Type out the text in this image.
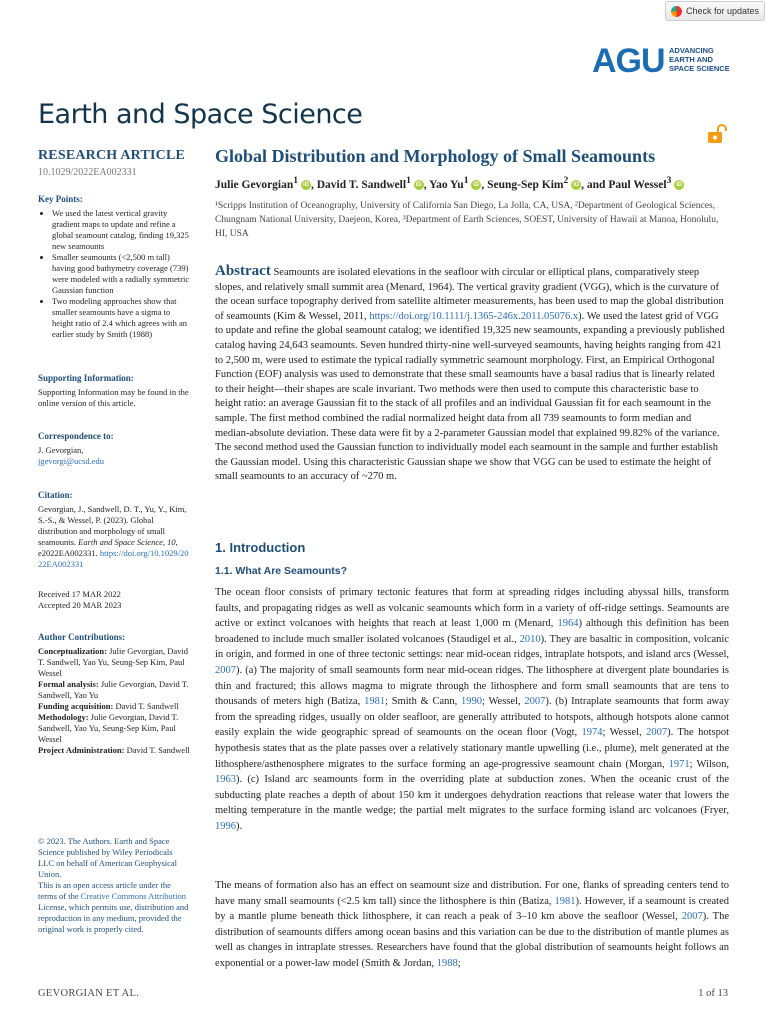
Check for updates
AGU ADVANCING
EARTH AND
SPACE SCIENCE
Earth and Space Science
RESEARCH ARTICLE
10.1029/2022EA002331
Key Points:
• We used the latest vertical gravity gradient maps to update and refine a global seamount catalog, finding 19,325 new seamounts
• Smaller seamounts (<2,500 m tall) having good bathymetry coverage (739) were modeled with a radially symmetric Gaussian function
• Two modeling approaches show that smaller seamounts have a sigma to height ratio of 2.4 which agrees with an earlier study by Smith (1988)
Supporting Information:
Supporting Information may be found in the online version of this article.
Correspondence to:
J. Gevorgian,
jgevorgi@ucsd.edu
Citation:
Gevorgian, J., Sandwell, D. T., Yu, Y., Kim, S.-S., & Wessel, P. (2023). Global distribution and morphology of small seamounts. Earth and Space Science, 10, e2022EA002331. https://doi.org/10.1029/2022EA002331
Received 17 MAR 2022
Accepted 20 MAR 2023
Author Contributions:
Conceptualization: Julie Gevorgian, David T. Sandwell, Yao Yu, Seung-Sep Kim, Paul Wessel
Formal analysis: Julie Gevorgian, David T. Sandwell, Yao Yu
Funding acquisition: David T. Sandwell
Methodology: Julie Gevorgian, David T. Sandwell, Yao Yu, Seung-Sep Kim, Paul Wessel
Project Administration: David T. Sandwell
© 2023. The Authors. Earth and Space Science published by Wiley Periodicals LLC on behalf of American Geophysical Union.
This is an open access article under the terms of the Creative Commons Attribution License, which permits use, distribution and reproduction in any medium, provided the original work is properly cited.
Global Distribution and Morphology of Small Seamounts
Julie Gevorgian$^1$ iD , David T. Sandwell$^1$ iD , Yao Yu$^1$ iD , Seung-Sep Kim$^2$ iD , and Paul Wessel$^3$ iD
¹Scripps Institution of Oceanography, University of California San Diego, La Jolla, CA, USA, ²Department of Geological Sciences, Chungnam National University, Daejeon, Korea, ³Department of Earth Sciences, SOEST, University of Hawaii at Manoa, Honolulu, HI, USA
Abstract Seamounts are isolated elevations in the seafloor with circular or elliptical plans, comparatively steep slopes, and relatively small summit area (Menard, 1964). The vertical gravity gradient (VGG), which is the curvature of the ocean surface topography derived from satellite altimeter measurements, has been used to map the global distribution of seamounts (Kim & Wessel, 2011, https://doi.org/10.1111/j.1365-246x.2011.05076.x). We used the latest grid of VGG to update and refine the global seamount catalog; we identified 19,325 new seamounts, expanding a previously published catalog having 24,643 seamounts. Seven hundred thirty-nine well-surveyed seamounts, having heights ranging from 421 to 2,500 m, were used to estimate the typical radially symmetric seamount morphology. First, an Empirical Orthogonal Function (EOF) analysis was used to demonstrate that these small seamounts have a basal radius that is linearly related to their height—their shapes are scale invariant. Two methods were then used to compute this characteristic base to height ratio: an average Gaussian fit to the stack of all profiles and an individual Gaussian fit for each seamount in the sample. The first method combined the radial normalized height data from all 739 seamounts to form median and median-absolute deviation. These data were fit by a 2-parameter Gaussian model that explained 99.82% of the variance. The second method used the Gaussian function to individually model each seamount in the sample and further establish the Gaussian model. Using this characteristic Gaussian shape we show that VGG can be used to estimate the height of small seamounts to an accuracy of ~270 m.
1. Introduction
1.1. What Are Seamounts?
The ocean floor consists of primary tectonic features that form at spreading ridges including abyssal hills, transform faults, and propagating ridges as well as volcanic seamounts which form in a variety of off-ridge settings. Seamounts are active or extinct volcanoes with heights that reach at least 1,000 m (Menard, 1964) although this definition has been broadened to include much smaller isolated volcanoes (Staudigel et al., 2010). They are basaltic in composition, volcanic in origin, and formed in one of three tectonic settings: near mid-ocean ridges, intraplate hotspots, and island arcs (Wessel, 2007). (a) The majority of small seamounts form near mid-ocean ridges. The lithosphere at divergent plate boundaries is thin and fractured; this allows magma to migrate through the lithosphere and form small seamounts that are tens to thousands of meters high (Batiza, 1981; Smith & Cann, 1990; Wessel, 2007). (b) Intraplate seamounts that form away from the spreading ridges, usually on older seafloor, are generally attributed to hotspots, although hotspots alone cannot easily explain the wide geographic spread of seamounts on the ocean floor (Vogt, 1974; Wessel, 2007). The hotspot hypothesis states that as the plate passes over a relatively stationary mantle upwelling (i.e., plume), melt generated at the lithosphere/asthenosphere migrates to the surface forming an age-progressive seamount chain (Morgan, 1971; Wilson, 1963). (c) Island arc seamounts form in the overriding plate at subduction zones. When the oceanic crust of the subducting plate reaches a depth of about 150 km it undergoes dehydration reactions that release water that lowers the melting temperature in the mantle wedge; the partial melt migrates to the surface forming island arc volcanoes (Fryer, 1996).
The means of formation also has an effect on seamount size and distribution. For one, flanks of spreading centers tend to have many small seamounts (<2.5 km tall) since the lithosphere is thin (Batiza, 1981). However, if a seamount is created by a mantle plume beneath thick lithosphere, it can reach a peak of 3–10 km above the seafloor (Wessel, 2007). The distribution of seamounts differs among ocean basins and this variation can be due to the distribution of mantle plumes as well as changes in intraplate stresses. Researchers have found that the global distribution of seamounts height follows an exponential or a power-law model (Smith & Jordan, 1988;
GEVORGIAN ET AL.	1 of 13
